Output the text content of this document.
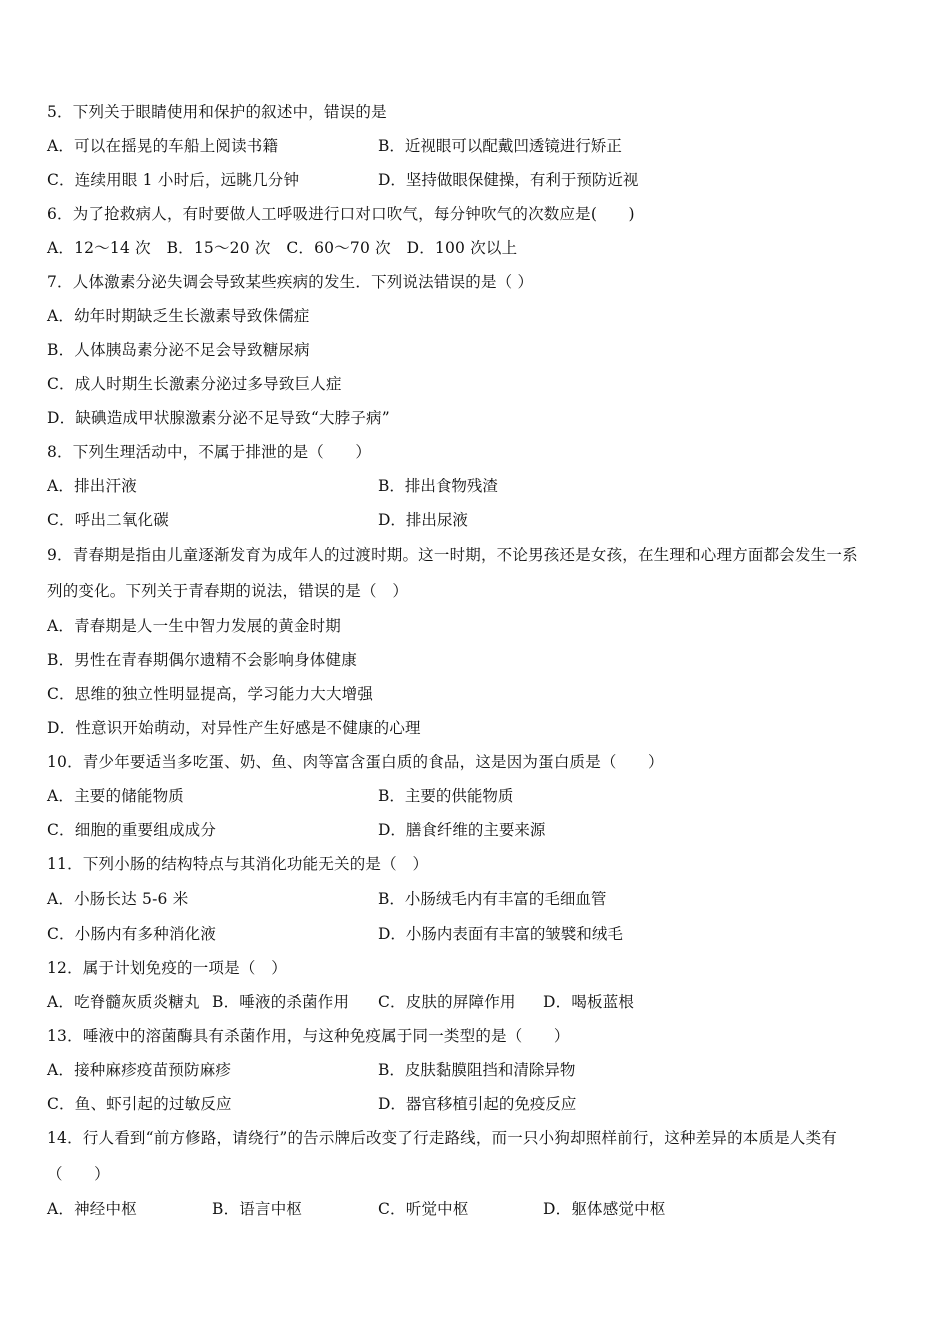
5．下列关于眼睛使用和保护的叙述中，错误的是
A．可以在摇晃的车船上阅读书籍	B．近视眼可以配戴凹透镜进行矫正
C．连续用眼 1 小时后，远眺几分钟	D．坚持做眼保健操，有利于预防近视
6．为了抢救病人，有时要做人工呼吸进行口对口吹气，每分钟吹气的次数应是(　　)
A．12～14 次　B．15～20 次　C．60～70 次　D．100 次以上
7．人体激素分泌失调会导致某些疾病的发生．下列说法错误的是（ ）
A．幼年时期缺乏生长激素导致侏儒症
B．人体胰岛素分泌不足会导致糖尿病
C．成人时期生长激素分泌过多导致巨人症
D．缺碘造成甲状腺激素分泌不足导致“大脖子病”
8．下列生理活动中，不属于排泄的是（　　）
A．排出汗液	B．排出食物残渣
C．呼出二氧化碳	D．排出尿液
9．青春期是指由儿童逐渐发育为成年人的过渡时期。这一时期，不论男孩还是女孩，在生理和心理方面都会发生一系
列的变化。下列关于青春期的说法，错误的是（　）
A．青春期是人一生中智力发展的黄金时期
B．男性在青春期偶尔遗精不会影响身体健康
C．思维的独立性明显提高，学习能力大大增强
D．性意识开始萌动，对异性产生好感是不健康的心理
10．青少年要适当多吃蛋、奶、鱼、肉等富含蛋白质的食品，这是因为蛋白质是（　　）
A．主要的储能物质	B．主要的供能物质
C．细胞的重要组成成分	D．膳食纤维的主要来源
11．下列小肠的结构特点与其消化功能无关的是（　）
A．小肠长达 5-6 米	B．小肠绒毛内有丰富的毛细血管
C．小肠内有多种消化液	D．小肠内表面有丰富的皱襞和绒毛
12．属于计划免疫的一项是（　）
A．吃脊髓灰质炎糖丸 B．唾液的杀菌作用 C．皮肤的屏障作用 D．喝板蓝根
13．唾液中的溶菌酶具有杀菌作用，与这种免疫属于同一类型的是（　　）
A．接种麻疹疫苗预防麻疹	B．皮肤黏膜阻挡和清除异物
C．鱼、虾引起的过敏反应	D．器官移植引起的免疫反应
14．行人看到“前方修路，请绕行”的告示牌后改变了行走路线，而一只小狗却照样前行，这种差异的本质是人类有
（　　）
A．神经中枢	B．语言中枢	C．听觉中枢	D．躯体感觉中枢
